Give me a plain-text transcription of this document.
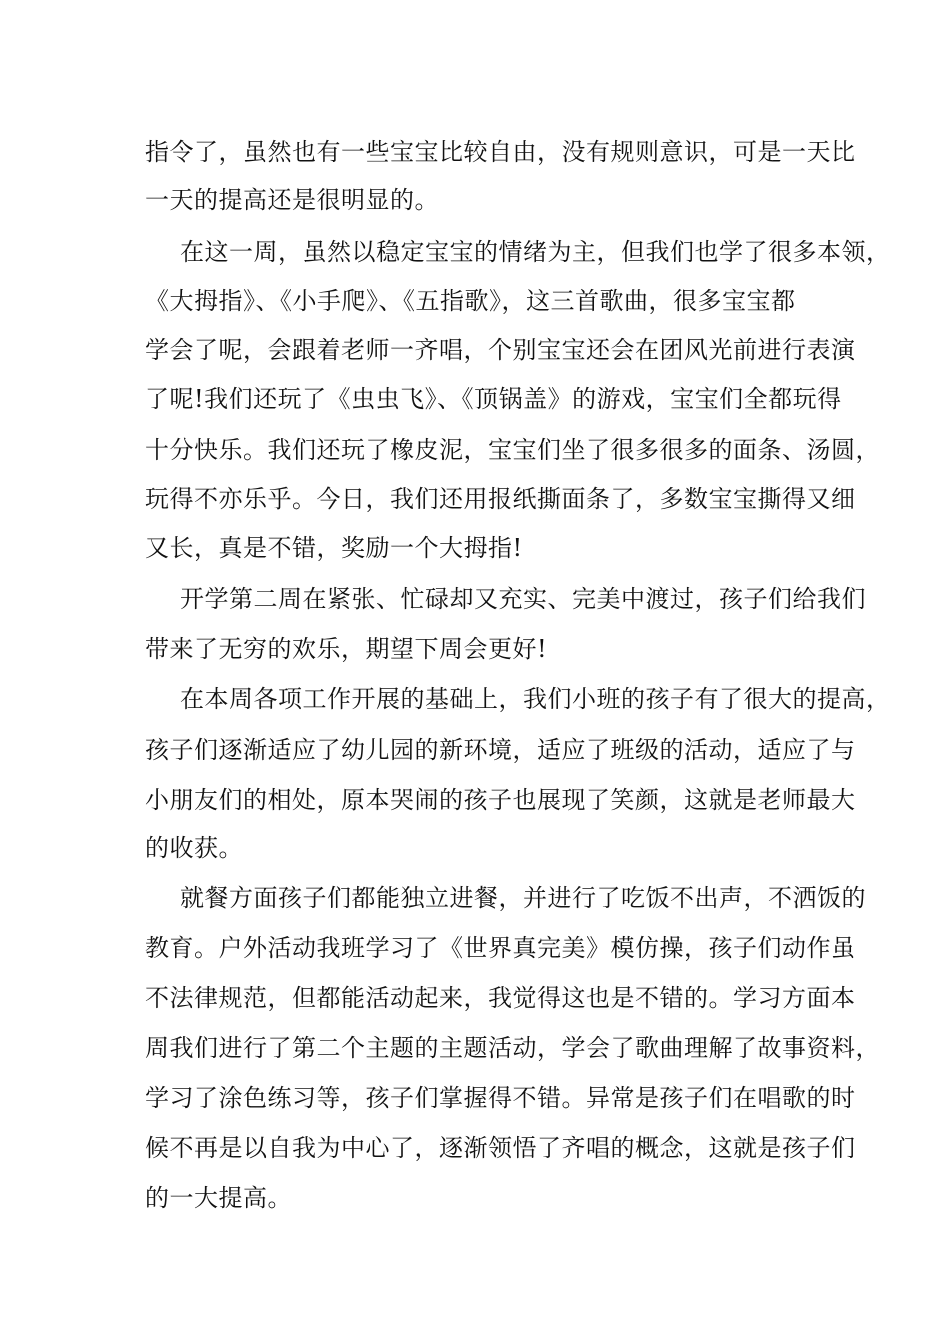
指令了，虽然也有一些宝宝比较自由，没有规则意识，可是一天比
一天的提高还是很明显的。
在这一周，虽然以稳定宝宝的情绪为主，但我们也学了很多本领，
《大拇指》、《小手爬》、《五指歌》，这三首歌曲，很多宝宝都
学会了呢，会跟着老师一齐唱，个别宝宝还会在团风光前进行表演
了呢!我们还玩了《虫虫飞》、《顶锅盖》的游戏，宝宝们全都玩得
十分快乐。我们还玩了橡皮泥，宝宝们坐了很多很多的面条、汤圆，
玩得不亦乐乎。今日，我们还用报纸撕面条了，多数宝宝撕得又细
又长，真是不错，奖励一个大拇指!
开学第二周在紧张、忙碌却又充实、完美中渡过，孩子们给我们
带来了无穷的欢乐，期望下周会更好!
在本周各项工作开展的基础上，我们小班的孩子有了很大的提高，
孩子们逐渐适应了幼儿园的新环境，适应了班级的活动，适应了与
小朋友们的相处，原本哭闹的孩子也展现了笑颜，这就是老师最大
的收获。
就餐方面孩子们都能独立进餐，并进行了吃饭不出声，不洒饭的
教育。户外活动我班学习了《世界真完美》模仿操，孩子们动作虽
不法律规范，但都能活动起来，我觉得这也是不错的。学习方面本
周我们进行了第二个主题的主题活动，学会了歌曲理解了故事资料，
学习了涂色练习等，孩子们掌握得不错。异常是孩子们在唱歌的时
候不再是以自我为中心了，逐渐领悟了齐唱的概念，这就是孩子们
的一大提高。
